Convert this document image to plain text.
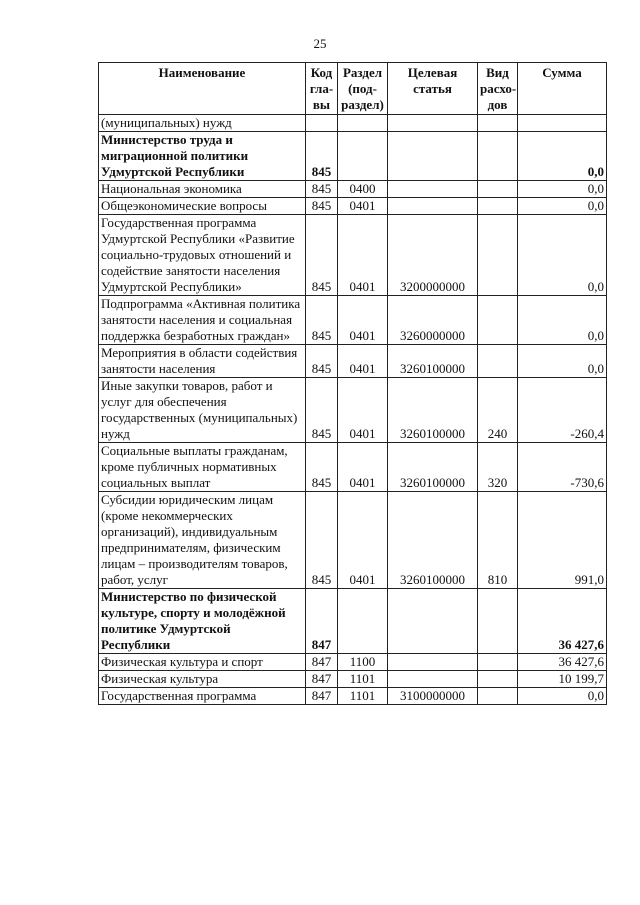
25
Наименование	Код гла-вы	Раздел (под-раздел)	Целевая статья	Вид расхо-дов	Сумма
(муниципальных) нужд					
Министерство труда и миграционной политики Удмуртской Республики	845				0,0
Национальная экономика	845	0400			0,0
Общеэкономические вопросы	845	0401			0,0
Государственная программа Удмуртской Республики «Развитие социально-трудовых отношений и содействие занятости населения Удмуртской Республики»	845	0401	3200000000		0,0
Подпрограмма «Активная политика занятости населения и социальная поддержка безработных граждан»	845	0401	3260000000		0,0
Мероприятия в области содействия занятости населения	845	0401	3260100000		0,0
Иные закупки товаров, работ и услуг для обеспечения государственных (муниципальных) нужд	845	0401	3260100000	240	-260,4
Социальные выплаты гражданам, кроме публичных нормативных социальных выплат	845	0401	3260100000	320	-730,6
Субсидии юридическим лицам (кроме некоммерческих организаций), индивидуальным предпринимателям, физическим лицам – производителям товаров, работ, услуг	845	0401	3260100000	810	991,0
Министерство по физической культуре, спорту и молодёжной политике Удмуртской Республики	847				36 427,6
Физическая культура и спорт	847	1100			36 427,6
Физическая культура	847	1101			10 199,7
Государственная программа	847	1101	3100000000		0,0
